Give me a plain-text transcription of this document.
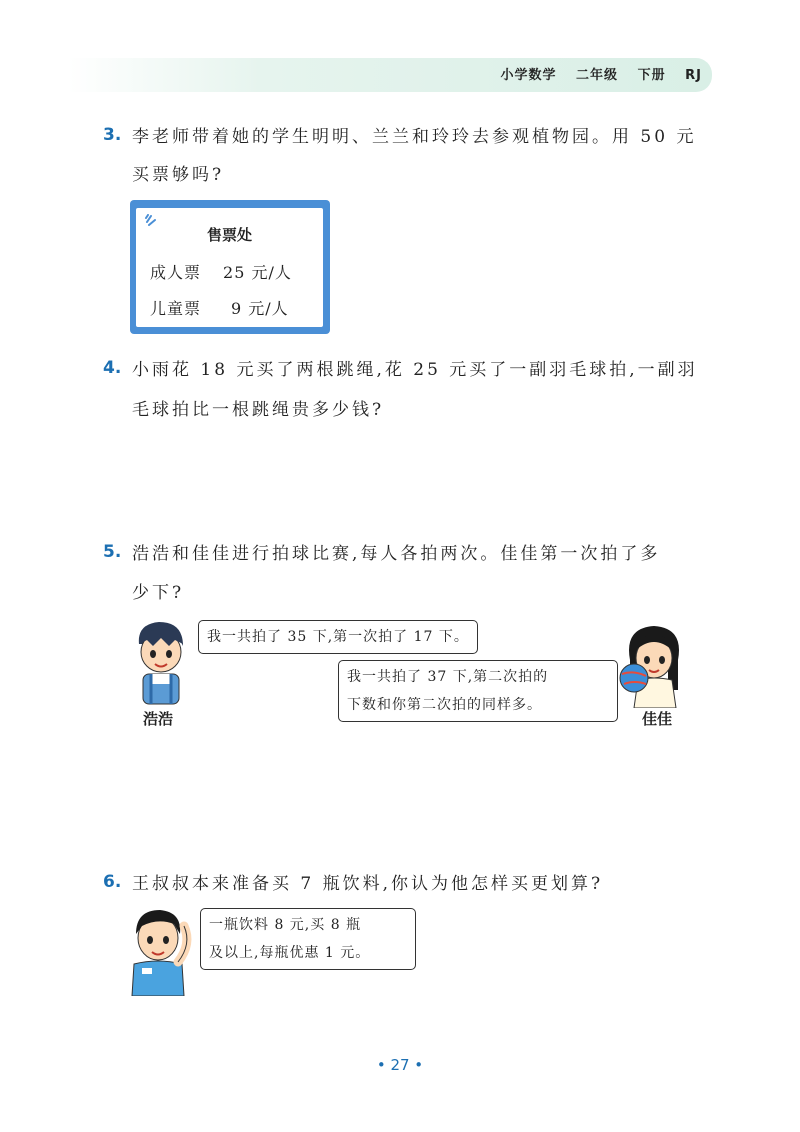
小学数学 二年级 下册 RJ
3. 李老师带着她的学生明明、兰兰和玲玲去参观植物园。用 50 元
买票够吗?
售票处
成人票 25 元/人
儿童票 9 元/人
4. 小雨花 18 元买了两根跳绳,花 25 元买了一副羽毛球拍,一副羽
毛球拍比一根跳绳贵多少钱?
5. 浩浩和佳佳进行拍球比赛,每人各拍两次。佳佳第一次拍了多
少下?
浩浩
我一共拍了 35 下,第一次拍了 17 下。
我一共拍了 37 下,第二次拍的
下数和你第二次拍的同样多。
佳佳
6. 王叔叔本来准备买 7 瓶饮料,你认为他怎样买更划算?
一瓶饮料 8 元,买 8 瓶
及以上,每瓶优惠 1 元。
• 27 •
